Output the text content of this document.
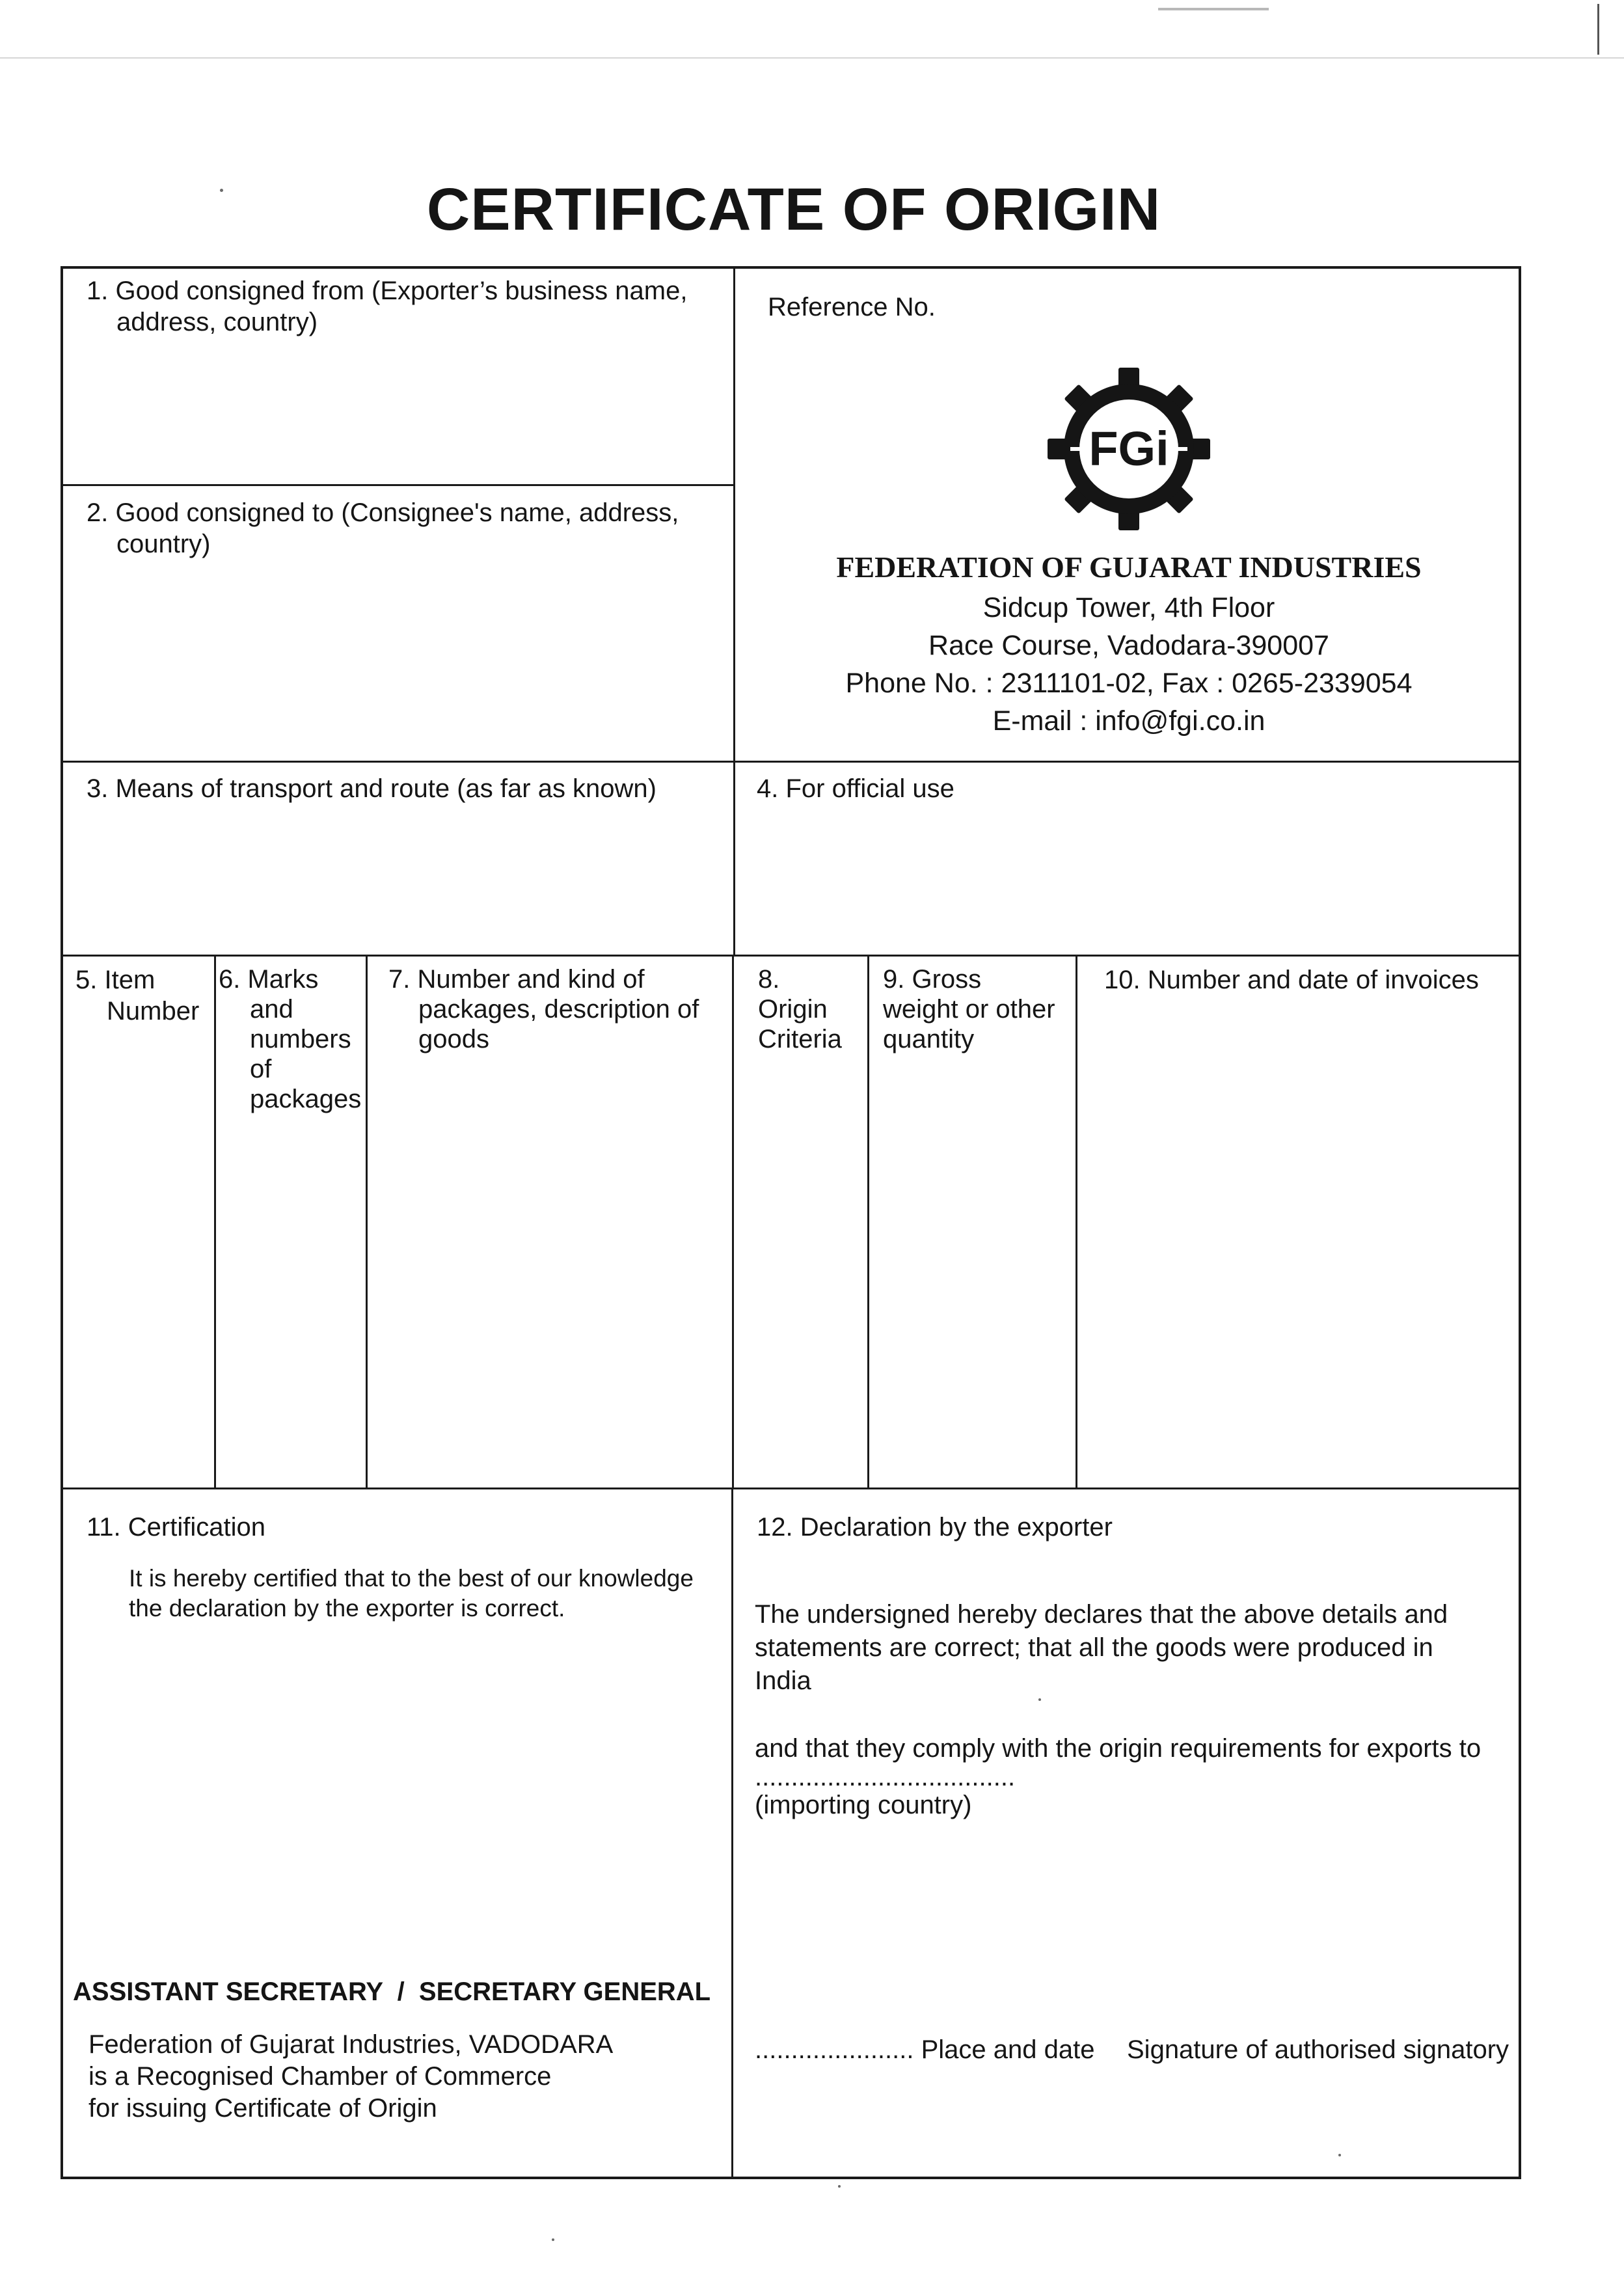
CERTIFICATE OF ORIGIN
1. Good consigned from (Exporter’s business name,
address, country)
2. Good consigned to (Consignee's name, address,
country)
Reference No.
FGi
FEDERATION OF GUJARAT INDUSTRIES
Sidcup Tower, 4th Floor
Race Course, Vadodara-390007
Phone No. : 2311101-02, Fax : 0265-2339054
E-mail : info@fgi.co.in
3. Means of transport and route (as far as known)	4. For official use
5. Item
Number
6. Marks
and
numbers
of
packages
7. Number and kind of
packages, description of
goods
8.
Origin
Criteria
9. Gross
weight or other
quantity
10. Number and date of invoices
11. Certification
It is hereby certified that to the best of our knowledge
the declaration by the exporter is correct.
ASSISTANT SECRETARY  /  SECRETARY GENERAL
Federation of Gujarat Industries, VADODARA
is a Recognised Chamber of Commerce
for issuing Certificate of Origin
12. Declaration by the exporter
The undersigned hereby declares that the above details and
statements are correct; that all the goods were produced in
India
and that they comply with the origin requirements for exports to
....................................
(importing country)
...................... Place and date Signature of authorised signatory
